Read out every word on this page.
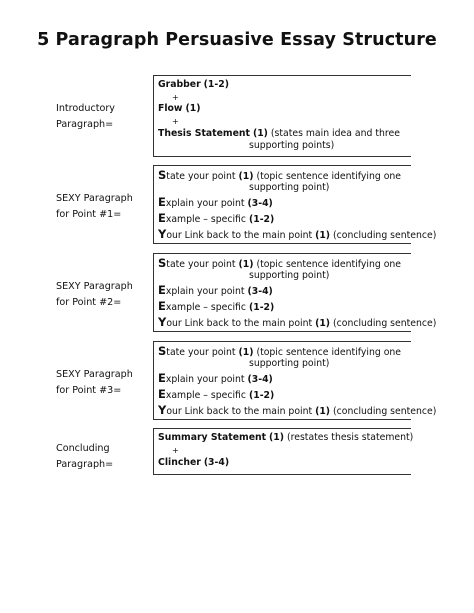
5 Paragraph Persuasive Essay Structure
Introductory
Paragraph=
Grabber (1-2)
+
Flow (1)
+
Thesis Statement (1) (states main idea and three
supporting points)
SEXY Paragraph
for Point #1=
State your point (1) (topic sentence identifying one
supporting point)
Explain your point (3-4)
Example – specific (1-2)
Your Link back to the main point (1) (concluding sentence)
SEXY Paragraph
for Point #2=
State your point (1) (topic sentence identifying one
supporting point)
Explain your point (3-4)
Example – specific (1-2)
Your Link back to the main point (1) (concluding sentence)
SEXY Paragraph
for Point #3=
State your point (1) (topic sentence identifying one
supporting point)
Explain your point (3-4)
Example – specific (1-2)
Your Link back to the main point (1) (concluding sentence)
Concluding
Paragraph=
Summary Statement (1) (restates thesis statement)
+
Clincher (3-4)
